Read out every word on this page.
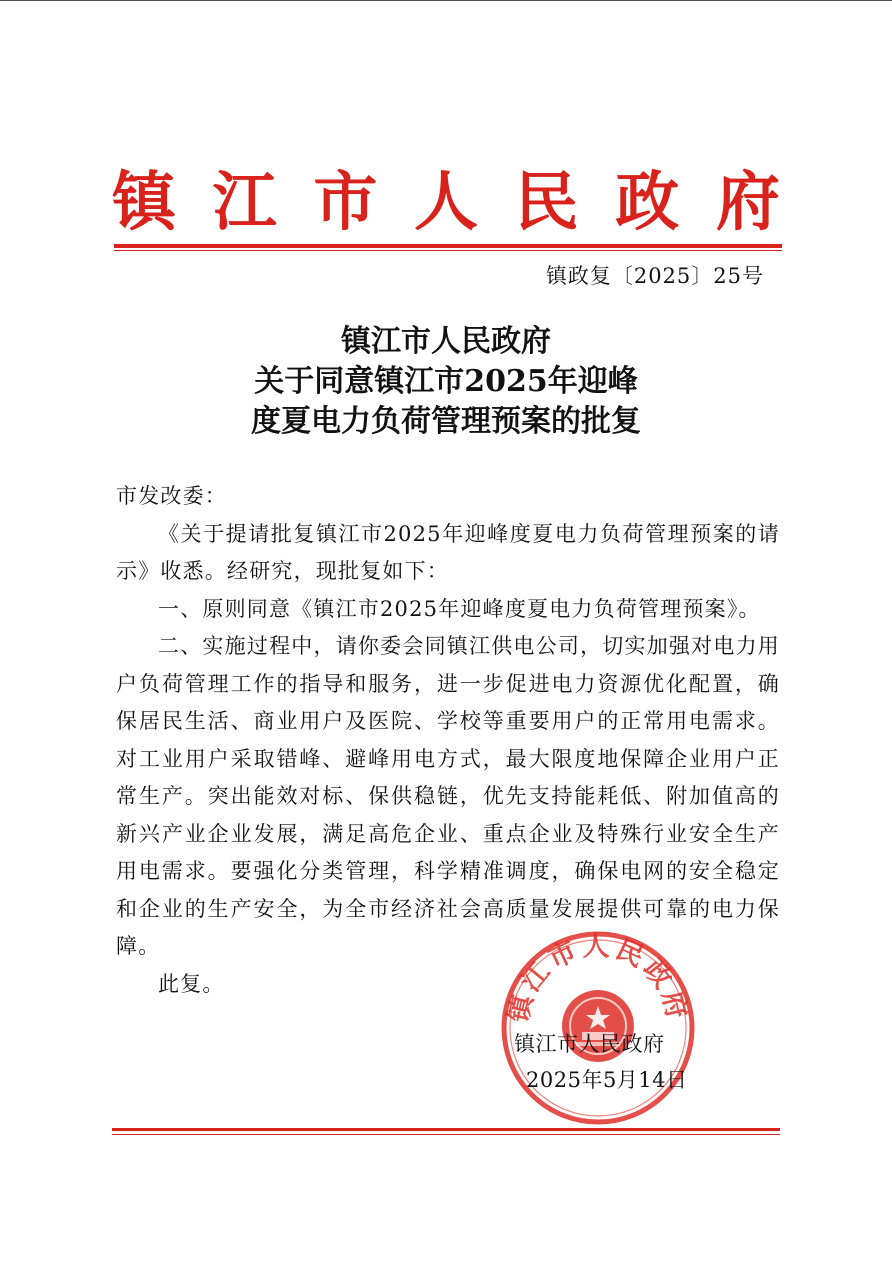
镇 江 市 人 民 政 府
镇政复〔2025〕25号
镇江市人民政府
关于同意镇江市2025年迎峰
度夏电力负荷管理预案的批复

市发改委：

《关于提请批复镇江市2025年迎峰度夏电力负荷管理预案的请示》收悉。经研究，现批复如下：

一、原则同意《镇江市2025年迎峰度夏电力负荷管理预案》。

二、实施过程中，请你委会同镇江供电公司，切实加强对电力用户负荷管理工作的指导和服务，进一步促进电力资源优化配置，确保居民生活、商业用户及医院、学校等重要用户的正常用电需求。对工业用户采取错峰、避峰用电方式，最大限度地保障企业用户正常生产。突出能效对标、保供稳链，优先支持能耗低、附加值高的新兴产业企业发展，满足高危企业、重点企业及特殊行业安全生产用电需求。要强化分类管理，科学精准调度，确保电网的安全稳定和企业的生产安全，为全市经济社会高质量发展提供可靠的电力保障。

此复。

镇江市人民政府
镇江市人民政府
2025年5月14日
